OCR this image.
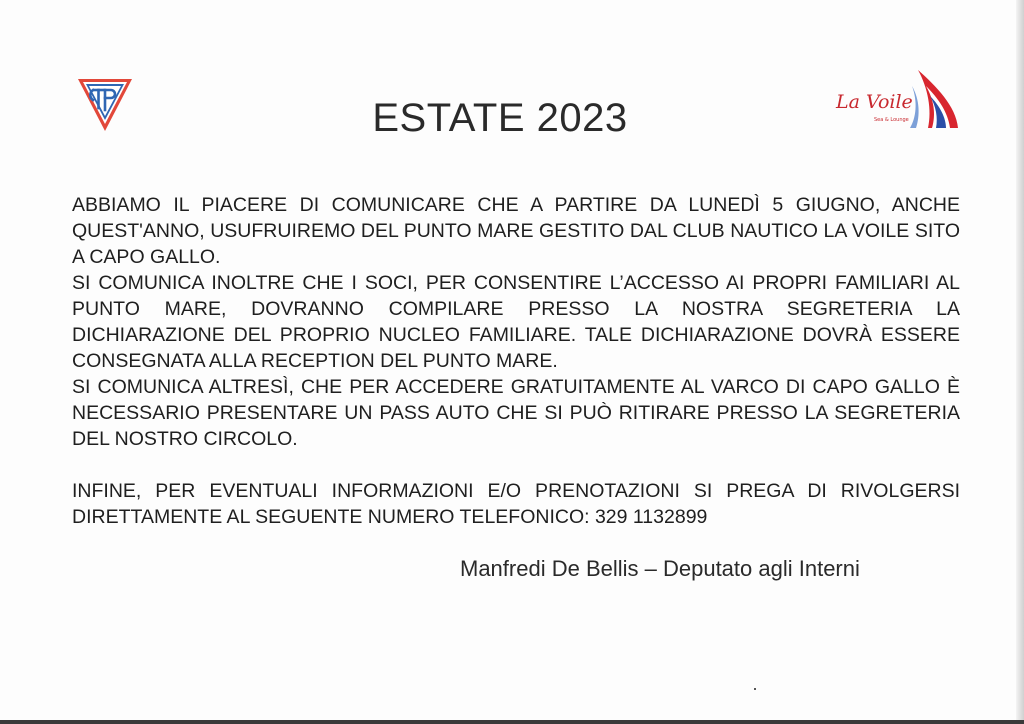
La Voile
Sea & Lounge
ESTATE 2023

ABBIAMO IL PIACERE DI COMUNICARE CHE A PARTIRE DA LUNEDÌ 5 GIUGNO, ANCHE QUEST'ANNO, USUFRUIREMO DEL PUNTO MARE GESTITO DAL CLUB NAUTICO LA VOILE SITO A CAPO GALLO.

SI COMUNICA INOLTRE CHE I SOCI, PER CONSENTIRE L’ACCESSO AI PROPRI FAMILIARI AL PUNTO MARE, DOVRANNO COMPILARE PRESSO LA NOSTRA SEGRETERIA LA DICHIARAZIONE DEL PROPRIO NUCLEO FAMILIARE. TALE DICHIARAZIONE DOVRÀ ESSERE CONSEGNATA ALLA RECEPTION DEL PUNTO MARE.

SI COMUNICA ALTRESÌ, CHE PER ACCEDERE GRATUITAMENTE AL VARCO DI CAPO GALLO È NECESSARIO PRESENTARE UN PASS AUTO CHE SI PUÒ RITIRARE PRESSO LA SEGRETERIA DEL NOSTRO CIRCOLO.

INFINE, PER EVENTUALI INFORMAZIONI E/O PRENOTAZIONI SI PREGA DI RIVOLGERSI DIRETTAMENTE AL SEGUENTE NUMERO TELEFONICO: 329 1132899

Manfredi De Bellis – Deputato agli Interni
